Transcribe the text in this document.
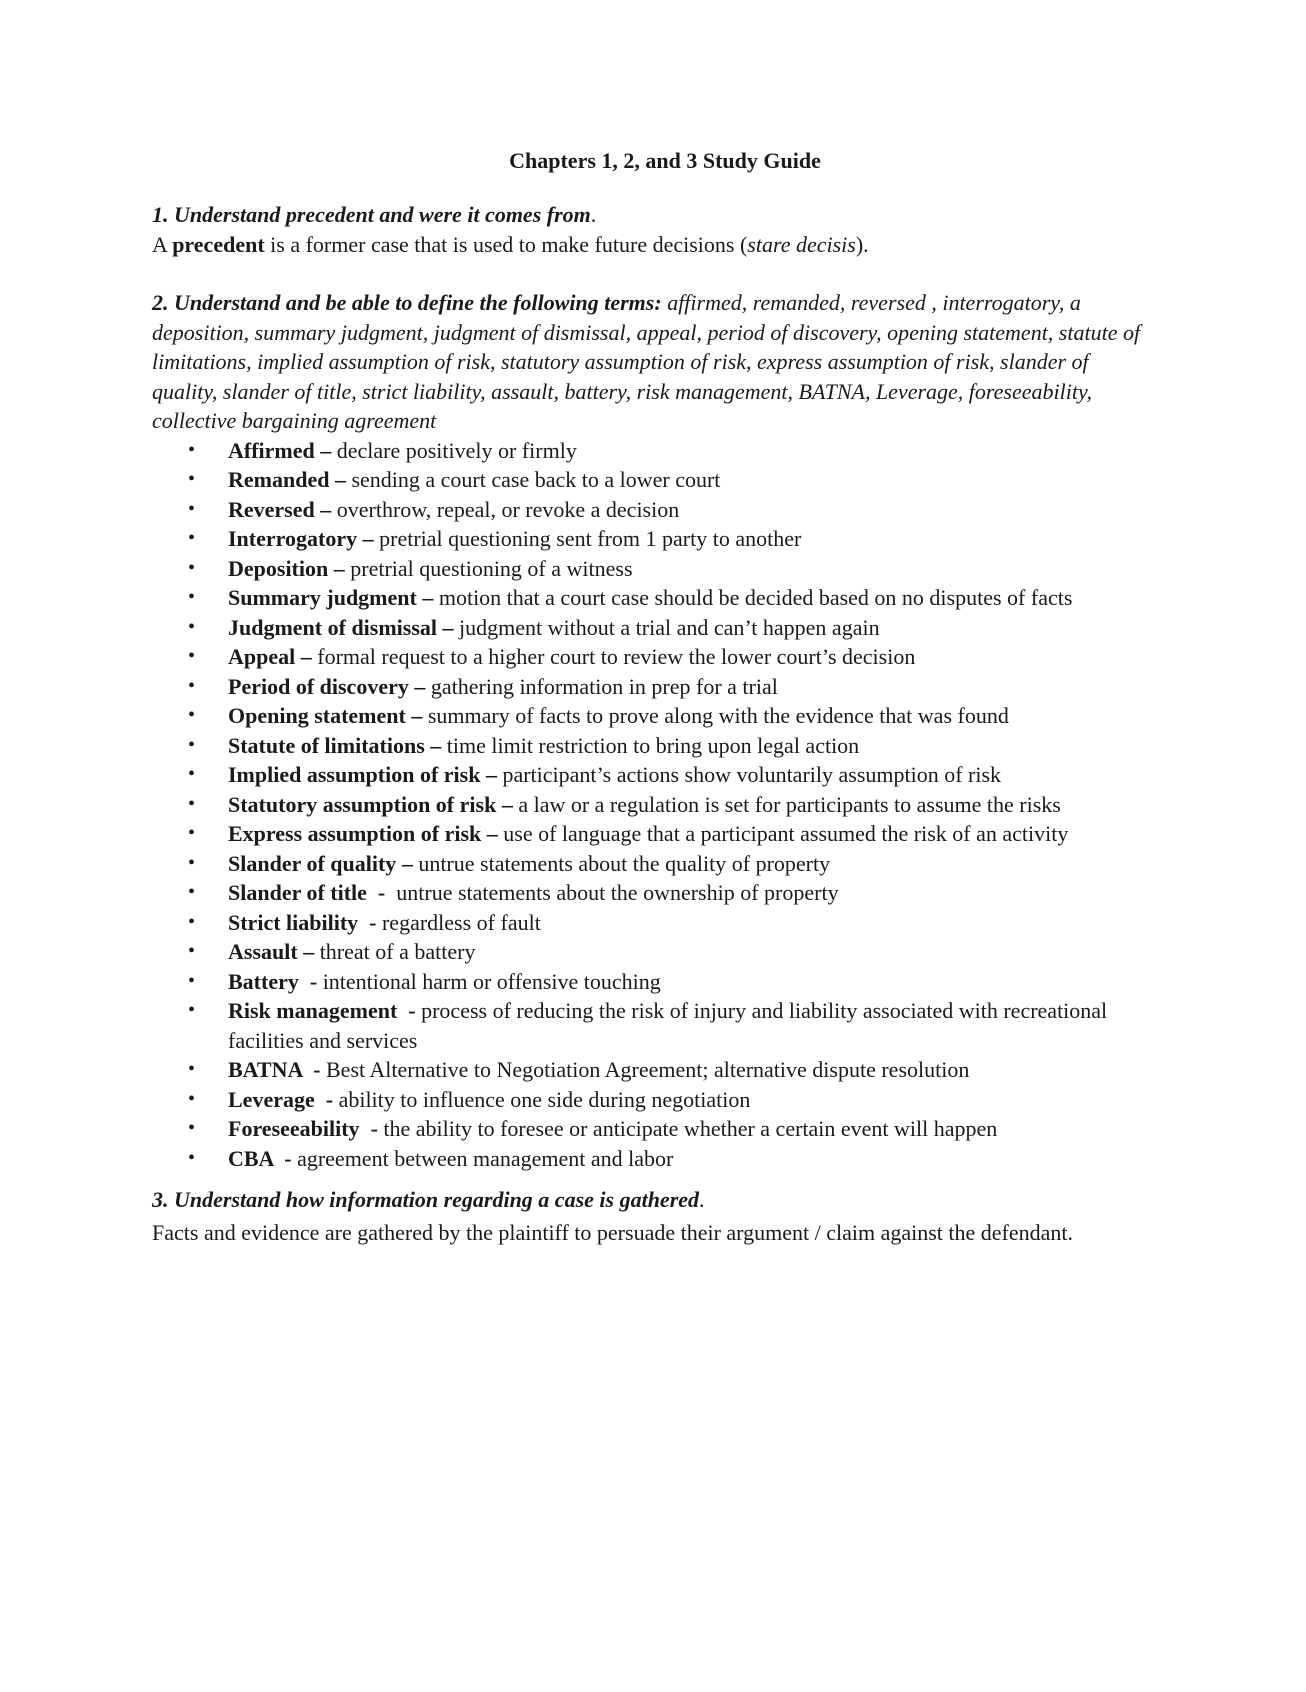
Chapters 1, 2, and 3 Study Guide

1. Understand precedent and were it comes from.

A precedent is a former case that is used to make future decisions (stare decisis).

2. Understand and be able to define the following terms: affirmed, remanded, reversed , interrogatory, a deposition, summary judgment, judgment of dismissal, appeal, period of discovery, opening statement, statute of limitations, implied assumption of risk, statutory assumption of risk, express assumption of risk, slander of quality, slander of title, strict liability, assault, battery, risk management, BATNA, Leverage, foreseeability, collective bargaining agreement

• Affirmed – declare positively or firmly
• Remanded – sending a court case back to a lower court
• Reversed – overthrow, repeal, or revoke a decision
• Interrogatory – pretrial questioning sent from 1 party to another
• Deposition – pretrial questioning of a witness
• Summary judgment – motion that a court case should be decided based on no disputes of facts
• Judgment of dismissal – judgment without a trial and can’t happen again
• Appeal – formal request to a higher court to review the lower court’s decision
• Period of discovery – gathering information in prep for a trial
• Opening statement – summary of facts to prove along with the evidence that was found
• Statute of limitations – time limit restriction to bring upon legal action
• Implied assumption of risk – participant’s actions show voluntarily assumption of risk
• Statutory assumption of risk – a law or a regulation is set for participants to assume the risks
• Express assumption of risk – use of language that a participant assumed the risk of an activity
• Slander of quality – untrue statements about the quality of property
• Slander of title  -  untrue statements about the ownership of property
• Strict liability  - regardless of fault
• Assault – threat of a battery
• Battery  - intentional harm or offensive touching
• Risk management  - process of reducing the risk of injury and liability associated with recreational facilities and services
• BATNA  - Best Alternative to Negotiation Agreement; alternative dispute resolution
• Leverage  - ability to influence one side during negotiation
• Foreseeability  - the ability to foresee or anticipate whether a certain event will happen
• CBA  - agreement between management and labor

3. Understand how information regarding a case is gathered.

Facts and evidence are gathered by the plaintiff to persuade their argument / claim against the defendant.
